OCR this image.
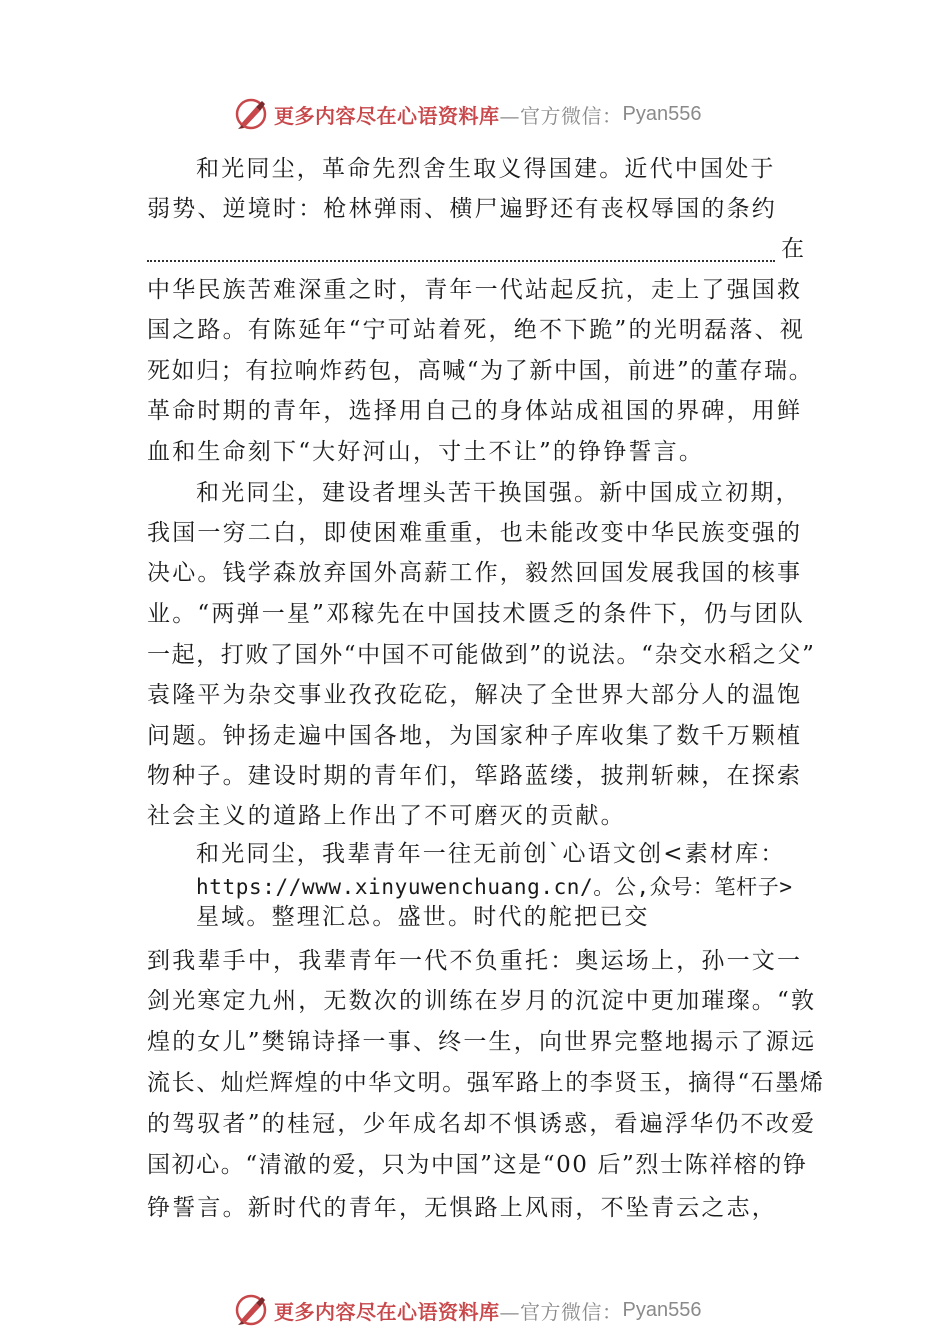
更多内容尽在心语资料库 —官方微信： Pyan556
和光同尘，革命先烈舍生取义得国建。近代中国处于
弱势、逆境时：枪林弹雨、横尸遍野还有丧权辱国的条约
在
中华民族苦难深重之时，青年一代站起反抗，走上了强国救
国之路。有陈延年“宁可站着死，绝不下跪”的光明磊落、视
死如归；有拉响炸药包，高喊“为了新中国，前进”的董存瑞。
革命时期的青年，选择用自己的身体站成祖国的界碑，用鲜
血和生命刻下“大好河山，寸土不让”的铮铮誓言。
和光同尘，建设者埋头苦干换国强。新中国成立初期，
我国一穷二白，即使困难重重，也未能改变中华民族变强的
决心。钱学森放弃国外高薪工作，毅然回国发展我国的核事
业。“两弹一星”邓稼先在中国技术匮乏的条件下，仍与团队
一起，打败了国外“中国不可能做到”的说法。“杂交水稻之父”
袁隆平为杂交事业孜孜矻矻，解决了全世界大部分人的温饱
问题。钟扬走遍中国各地，为国家种子库收集了数千万颗植
物种子。建设时期的青年们，筚路蓝缕，披荆斩棘，在探索
社会主义的道路上作出了不可磨灭的贡献。
和光同尘，我辈青年一往无前创`心语文创<素材库：
https://www.xinyuwenchuang.cn/。公,众号：笔杆子>
星域。整理汇总。盛世。时代的舵把已交
到我辈手中，我辈青年一代不负重托：奥运场上，孙一文一
剑光寒定九州，无数次的训练在岁月的沉淀中更加璀璨。“敦
煌的女儿”樊锦诗择一事、终一生，向世界完整地揭示了源远
流长、灿烂辉煌的中华文明。强军路上的李贤玉，摘得“石墨烯
的驾驭者”的桂冠，少年成名却不惧诱惑，看遍浮华仍不改爱
国初心。“清澈的爱，只为中国”这是“00 后”烈士陈祥榕的铮
铮誓言。新时代的青年，无惧路上风雨，不坠青云之志，
更多内容尽在心语资料库 —官方微信： Pyan556
